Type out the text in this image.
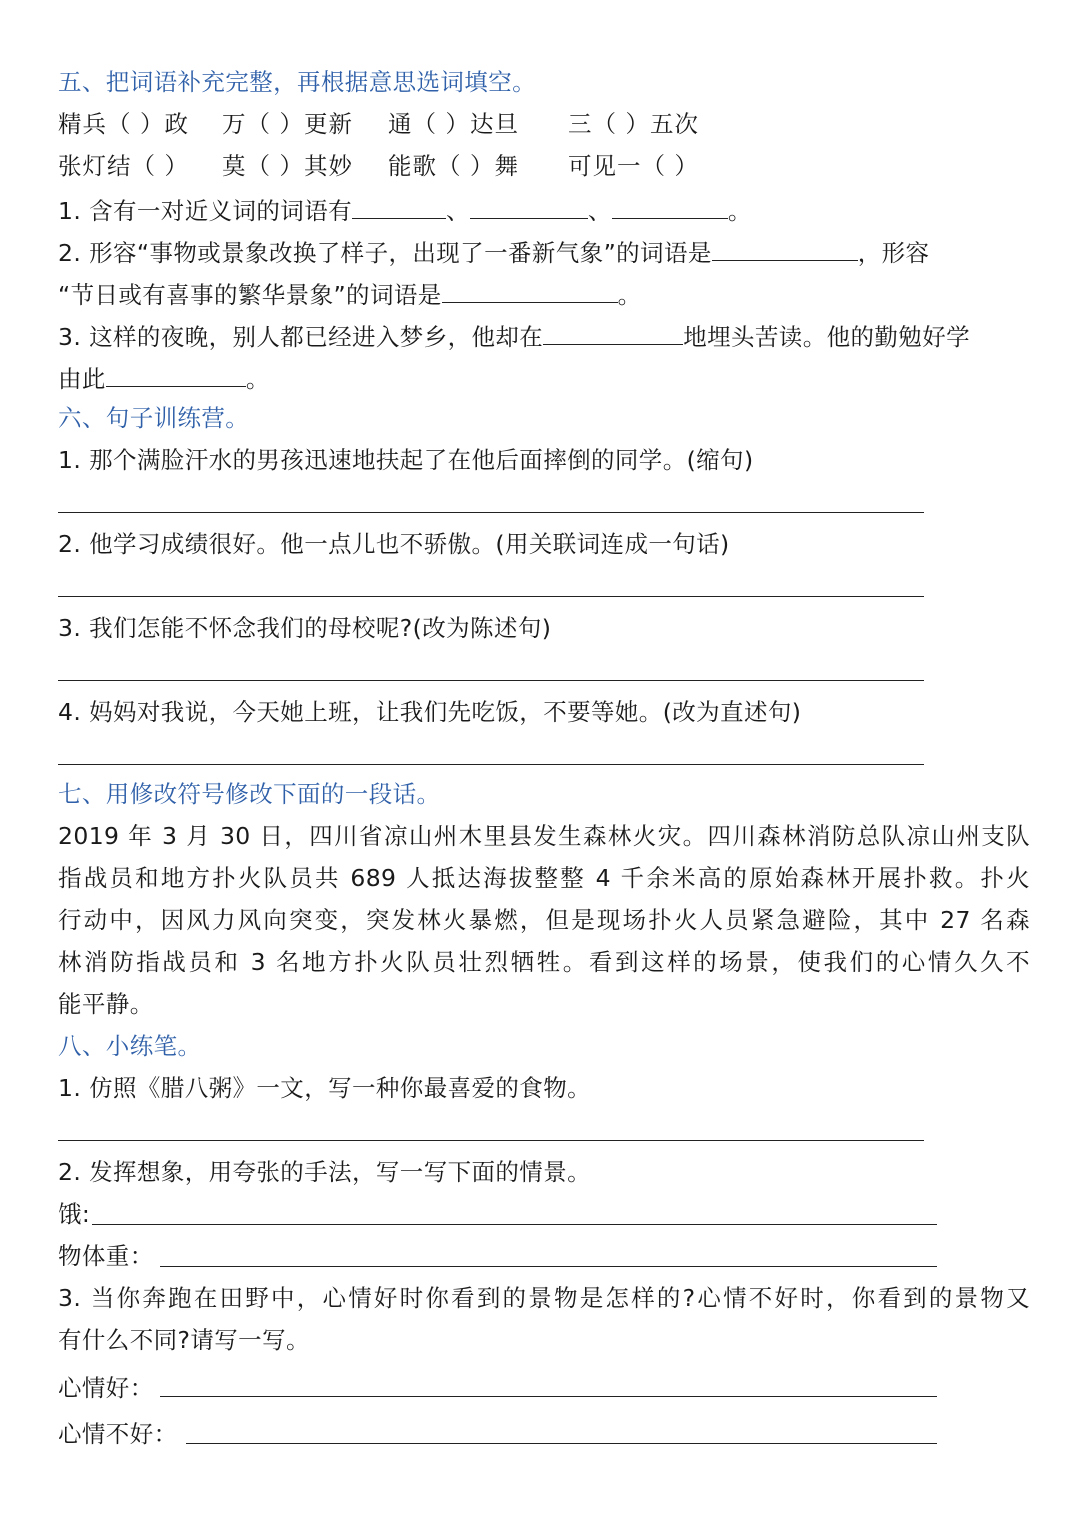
五、把词语补充完整，再根据意思选词填空。
精兵（ ）政 万（ ）更新 通（ ）达旦 三（ ）五次
张灯结（ ） 莫（ ）其妙 能歌（ ）舞 可见一（ ）
1. 含有一对近义词的词语有	、	、	。
2. 形容“事物或景象改换了样子，出现了一番新气象”的词语是	，形容
“节日或有喜事的繁华景象”的词语是	。
3. 这样的夜晚，别人都已经进入梦乡，他却在	地埋头苦读。他的勤勉好学
由此	。
六、句子训练营。
1. 那个满脸汗水的男孩迅速地扶起了在他后面摔倒的同学。(缩句)
2. 他学习成绩很好。他一点儿也不骄傲。(用关联词连成一句话)
3. 我们怎能不怀念我们的母校呢?(改为陈述句)
4. 妈妈对我说，今天她上班，让我们先吃饭，不要等她。(改为直述句)
七、用修改符号修改下面的一段话。
2019 年 3 月 30 日，四川省凉山州木里县发生森林火灾。四川森林消防总队凉山州支队
指战员和地方扑火队员共 689 人抵达海拔整整 4 千余米高的原始森林开展扑救。扑火
行动中，因风力风向突变，突发林火暴燃，但是现场扑火人员紧急避险，其中 27 名森
林消防指战员和 3 名地方扑火队员壮烈牺牲。看到这样的场景，使我们的心情久久不
能平静。
八、小练笔。
1. 仿照《腊八粥》一文，写一种你最喜爱的食物。
2. 发挥想象，用夸张的手法，写一写下面的情景。
饿:
物体重：
3. 当你奔跑在田野中，心情好时你看到的景物是怎样的?心情不好时，你看到的景物又
有什么不同?请写一写。
心情好：
心情不好：
